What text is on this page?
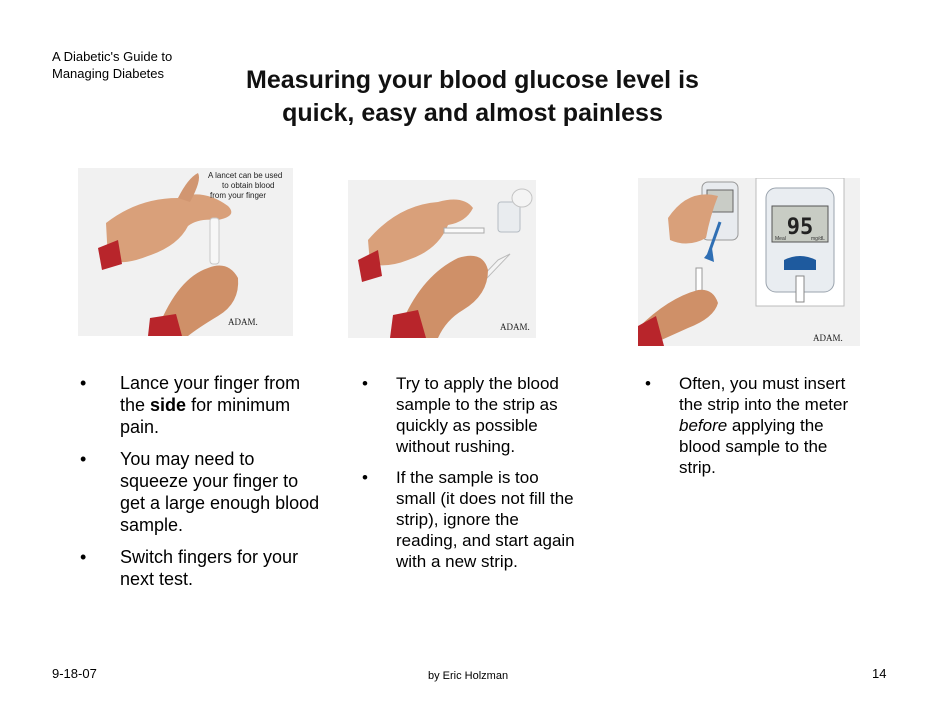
A Diabetic's Guide to
Managing Diabetes	Measuring your blood glucose level is
quick, easy and almost painless
ADAM.
A lancet can be used
to obtain blood
from your finger
ADAM.
95
Meal	mg/dL
ADAM.
• Lance your finger from the side for minimum pain.
• You may need to squeeze your finger to get a large enough blood sample.
• Switch fingers for your next test.
• Try to apply the blood sample to the strip as quickly as possible without rushing.
• If the sample is too small (it does not fill the strip), ignore the reading, and start again with a new strip.
• Often, you must insert the strip into the meter before applying the blood sample to the strip.
9-18-07	by Eric Holzman	14
